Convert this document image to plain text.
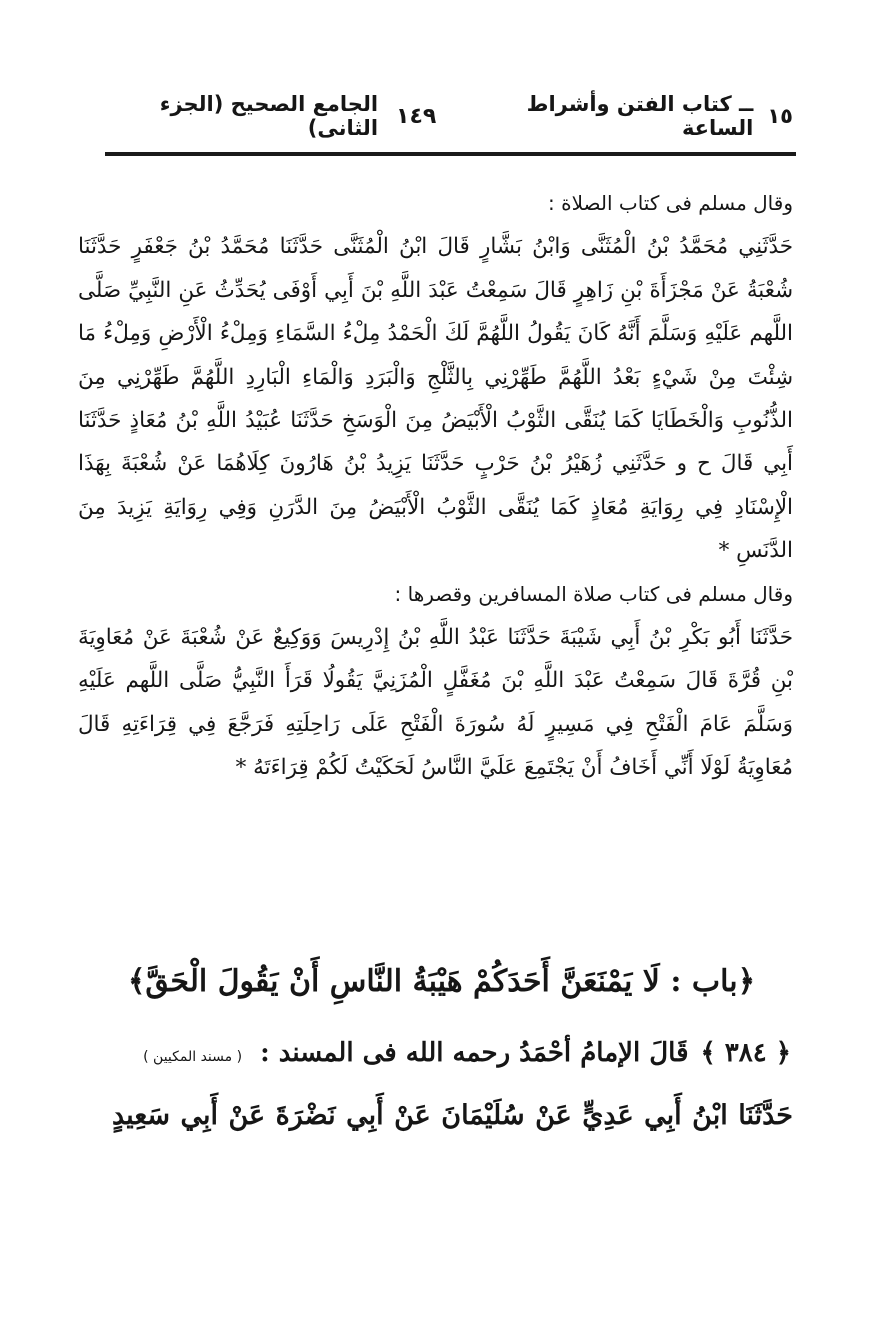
١٥
ــ كتاب الفتن وأشراط الساعة
١٤٩
الجامع الصحيح (الجزء الثانى)

وقال مسلم فى كتاب الصلاة :

حَدَّثَنِي مُحَمَّدُ بْنُ الْمُثَنَّى وَابْنُ بَشَّارٍ قَالَ ابْنُ الْمُثَنَّى حَدَّثَنَا مُحَمَّدُ بْنُ جَعْفَرٍ حَدَّثَنَا شُعْبَةُ عَنْ مَجْزَأَةَ بْنِ زَاهِرٍ قَالَ سَمِعْتُ عَبْدَ اللَّهِ بْنَ أَبِي أَوْفَى يُحَدِّثُ عَنِ النَّبِيِّ صَلَّى اللَّهم عَلَيْهِ وَسَلَّمَ أَنَّهُ كَانَ يَقُولُ اللَّهُمَّ لَكَ الْحَمْدُ مِلْءُ السَّمَاءِ وَمِلْءُ الْأَرْضِ وَمِلْءُ مَا شِئْتَ مِنْ شَيْءٍ بَعْدُ اللَّهُمَّ طَهِّرْنِي بِالثَّلْجِ وَالْبَرَدِ وَالْمَاءِ الْبَارِدِ اللَّهُمَّ طَهِّرْنِي مِنَ الذُّنُوبِ وَالْخَطَايَا كَمَا يُنَقَّى الثَّوْبُ الْأَبْيَضُ مِنَ الْوَسَخِ حَدَّثَنَا عُبَيْدُ اللَّهِ بْنُ مُعَاذٍ حَدَّثَنَا أَبِي قَالَ ح و حَدَّثَنِي زُهَيْرُ بْنُ حَرْبٍ حَدَّثَنَا يَزِيدُ بْنُ هَارُونَ كِلَاهُمَا عَنْ شُعْبَةَ بِهَذَا الْإِسْنَادِ فِي رِوَايَةِ مُعَاذٍ كَمَا يُنَقَّى الثَّوْبُ الْأَبْيَضُ مِنَ الدَّرَنِ وَفِي رِوَايَةِ يَزِيدَ مِنَ الدَّنَسِ *

وقال مسلم فى كتاب صلاة المسافرين وقصرها :

حَدَّثَنَا أَبُو بَكْرِ بْنُ أَبِي شَيْبَةَ حَدَّثَنَا عَبْدُ اللَّهِ بْنُ إِدْرِيسَ وَوَكِيعٌ عَنْ شُعْبَةَ عَنْ مُعَاوِيَةَ بْنِ قُرَّةَ قَالَ سَمِعْتُ عَبْدَ اللَّهِ بْنَ مُغَفَّلٍ الْمُزَنِيَّ يَقُولُا قَرَأَ النَّبِيُّ صَلَّى اللَّهم عَلَيْهِ وَسَلَّمَ عَامَ الْفَتْحِ فِي مَسِيرٍ لَهُ سُورَةَ الْفَتْحِ عَلَى رَاحِلَتِهِ فَرَجَّعَ فِي قِرَاءَتِهِ قَالَ مُعَاوِيَةُ لَوْلَا أَنِّي أَخَافُ أَنْ يَجْتَمِعَ عَلَيَّ النَّاسُ لَحَكَيْتُ لَكُمْ قِرَاءَتَهُ *

﴿باب : لَا يَمْنَعَنَّ أَحَدَكُمْ هَيْبَةُ النَّاسِ أَنْ يَقُولَ الْحَقَّ﴾
﴿ ٣٨٤ ﴾
قَالَ الإمامُ أحْمَدُ رحمه الله فى المسند :
( مسند المكيين )
حَدَّثَنَا ابْنُ أَبِي عَدِيٍّ عَنْ سُلَيْمَانَ عَنْ أَبِي نَضْرَةَ عَنْ أَبِي سَعِيدٍ
